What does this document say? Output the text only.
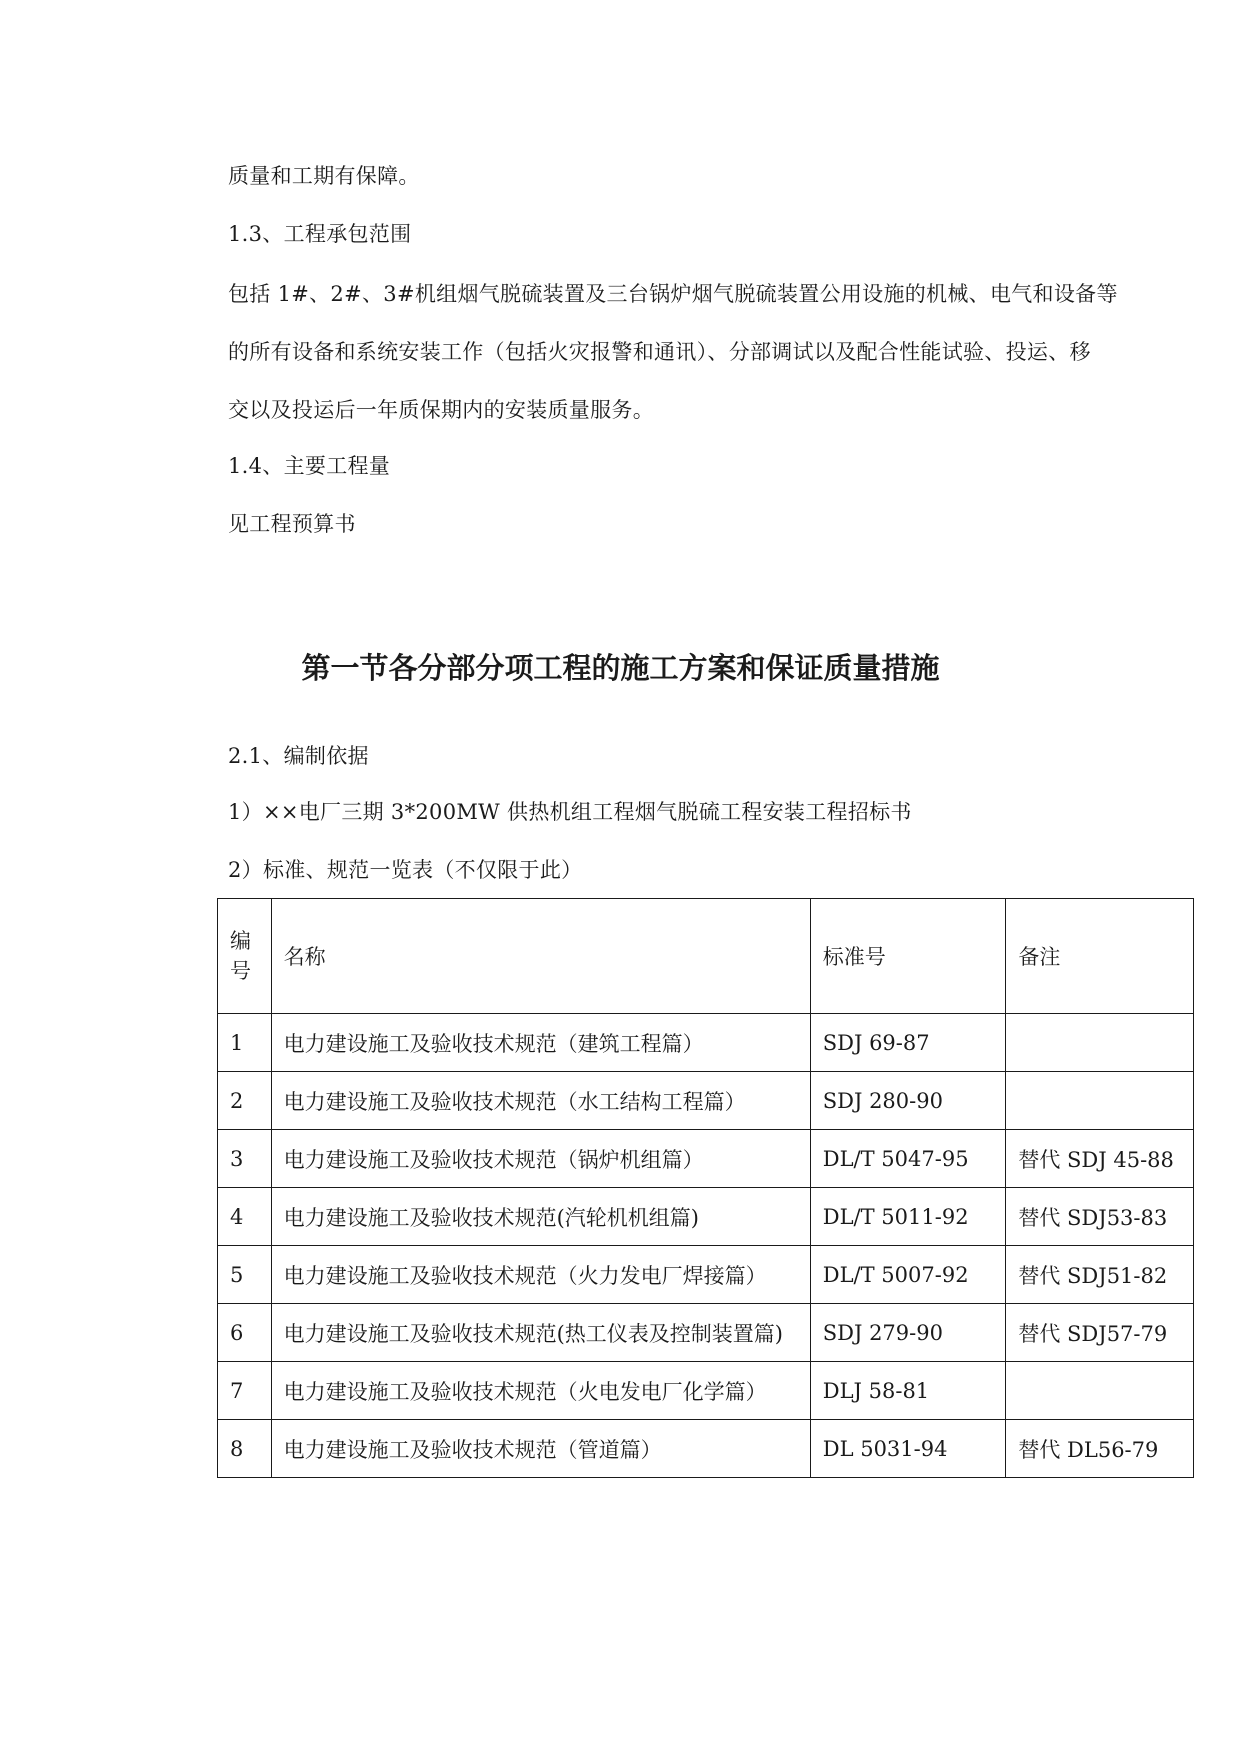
质量和工期有保障。
1.3、工程承包范围
包括 1#、2#、3#机组烟气脱硫装置及三台锅炉烟气脱硫装置公用设施的机械、电气和设备等
的所有设备和系统安装工作（包括火灾报警和通讯）、分部调试以及配合性能试验、投运、移
交以及投运后一年质保期内的安装质量服务。
1.4、主要工程量
见工程预算书
第一节各分部分项工程的施工方案和保证质量措施
2.1、编制依据
1）××电厂三期 3*200MW 供热机组工程烟气脱硫工程安装工程招标书
2）标准、规范一览表（不仅限于此）
编
号	名称	标准号	备注
1	电力建设施工及验收技术规范（建筑工程篇）	SDJ 69-87	
2	电力建设施工及验收技术规范（水工结构工程篇）	SDJ 280-90	
3	电力建设施工及验收技术规范（锅炉机组篇）	DL/T 5047-95	替代 SDJ 45-88
4	电力建设施工及验收技术规范(汽轮机机组篇)	DL/T 5011-92	替代 SDJ53-83
5	电力建设施工及验收技术规范（火力发电厂焊接篇）	DL/T 5007-92	替代 SDJ51-82
6	电力建设施工及验收技术规范(热工仪表及控制装置篇)	SDJ 279-90	替代 SDJ57-79
7	电力建设施工及验收技术规范（火电发电厂化学篇）	DLJ 58-81	
8	电力建设施工及验收技术规范（管道篇）	DL 5031-94	替代 DL56-79
